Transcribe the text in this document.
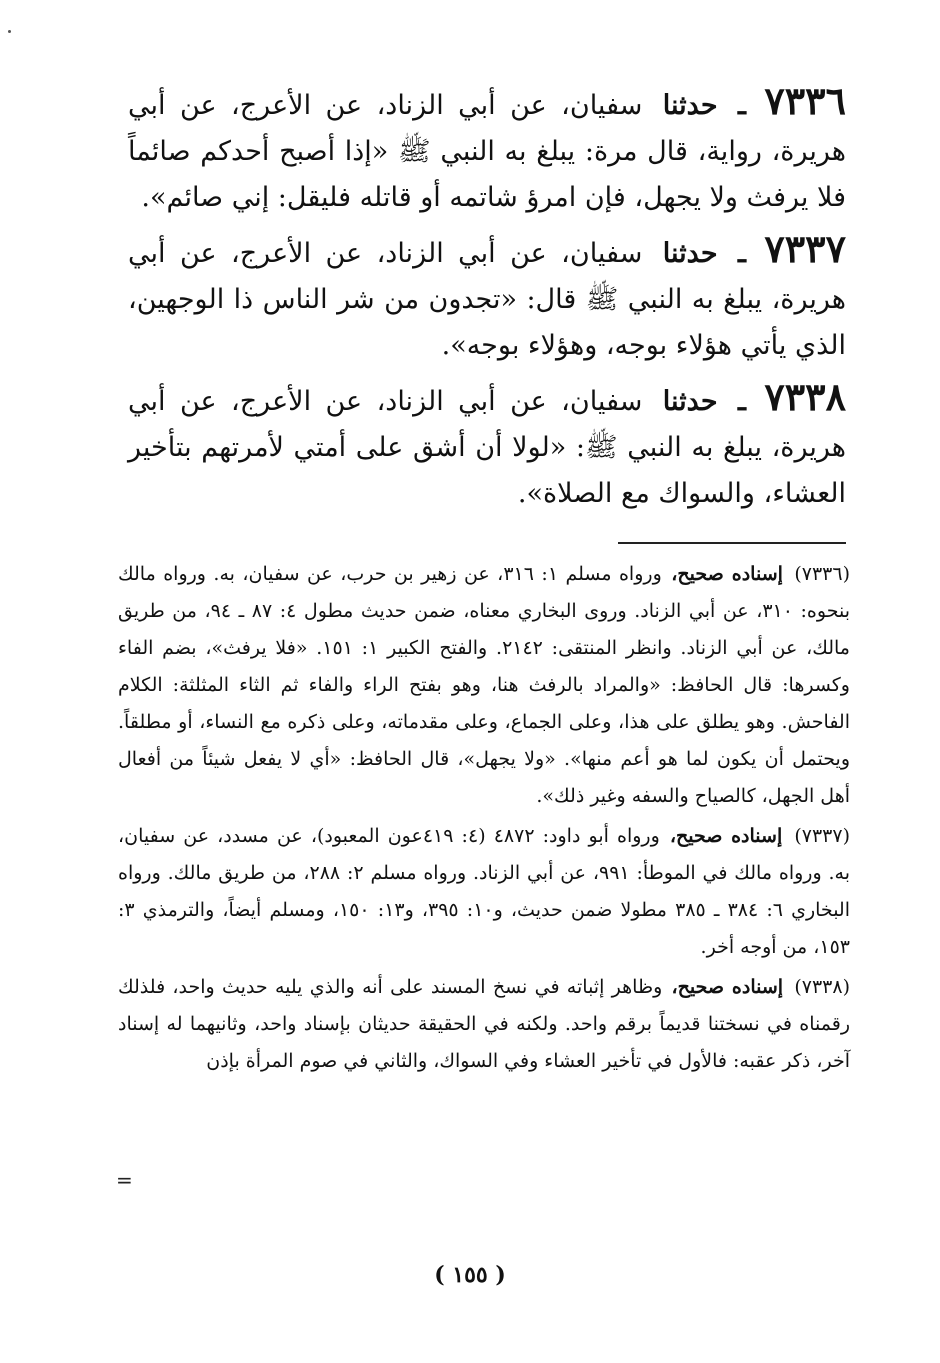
٧٣٣٦ ـ حدثنا سفيان، عن أبي الزناد، عن الأعرج، عن أبي هريرة، رواية، قال مرة: يبلغ به النبي ﷺ «إذا أصبح أحدكم صائماً فلا يرفث ولا يجهل، فإن امرؤ شاتمه أو قاتله فليقل: إني صائم».

٧٣٣٧ ـ حدثنا سفيان، عن أبي الزناد، عن الأعرج، عن أبي هريرة، يبلغ به النبي ﷺ قال: «تجدون من شر الناس ذا الوجهين، الذي يأتي هؤلاء بوجه، وهؤلاء بوجه».

٧٣٣٨ ـ حدثنا سفيان، عن أبي الزناد، عن الأعرج، عن أبي هريرة، يبلغ به النبي ﷺ: «لولا أن أشق على أمتي لأمرتهم بتأخير العشاء، والسواك مع الصلاة».

(٧٣٣٦) إسناده صحيح، ورواه مسلم ١: ٣١٦، عن زهير بن حرب، عن سفيان، به. ورواه مالك بنحوه: ٣١٠، عن أبي الزناد. وروى البخاري معناه، ضمن حديث مطول ٤: ٨٧ ـ ٩٤، من طريق مالك، عن أبي الزناد. وانظر المنتقى: ٢١٤٢. والفتح الكبير ١: ١٥١. «فلا يرفث»، بضم الفاء وكسرها: قال الحافظ: «والمراد بالرفث هنا، وهو بفتح الراء والفاء ثم الثاء المثلثة: الكلام الفاحش. وهو يطلق على هذا، وعلى الجماع، وعلى مقدماته، وعلى ذكره مع النساء، أو مطلقاً. ويحتمل أن يكون لما هو أعم منها». «ولا يجهل»، قال الحافظ: «أي لا يفعل شيئاً من أفعال أهل الجهل، كالصياح والسفه وغير ذلك».

(٧٣٣٧) إسناده صحيح، ورواه أبو داود: ٤٨٧٢ (٤: ٤١٩عون المعبود)، عن مسدد، عن سفيان، به. ورواه مالك في الموطأ: ٩٩١، عن أبي الزناد. ورواه مسلم ٢: ٢٨٨، من طريق مالك. ورواه البخاري ٦: ٣٨٤ ـ ٣٨٥ مطولا ضمن حديث، و١٠: ٣٩٥، و١٣: ١٥٠، ومسلم أيضاً، والترمذي ٣: ١٥٣، من أوجه أخر.

(٧٣٣٨) إسناده صحيح، وظاهر إثباته في نسخ المسند على أنه والذي يليه حديث واحد، فلذلك رقمناه في نسختنا قديماً برقم واحد. ولكنه في الحقيقة حديثان بإسناد واحد، وثانيهما له إسناد آخر، ذكر عقبه: فالأول في تأخير العشاء وفي السواك، والثاني في صوم المرأة بإذن

=
( ١٥٥ )
